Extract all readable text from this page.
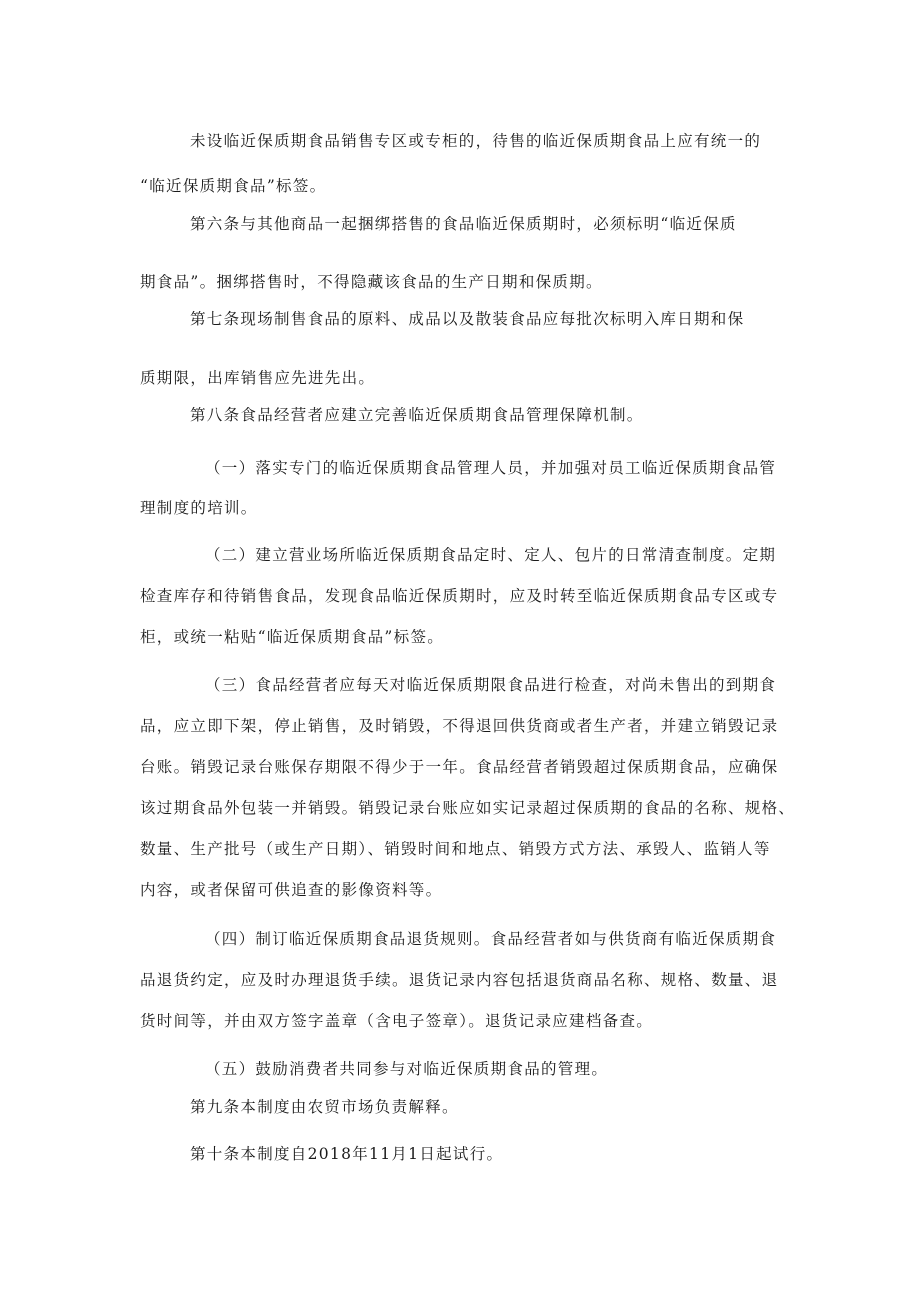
未设临近保质期食品销售专区或专柜的，待售的临近保质期食品上应有统一的
“临近保质期食品”标签。
第六条与其他商品一起捆绑搭售的食品临近保质期时，必须标明“临近保质
期食品”。捆绑搭售时，不得隐藏该食品的生产日期和保质期。
第七条现场制售食品的原料、成品以及散装食品应每批次标明入库日期和保
质期限，出库销售应先进先出。
第八条食品经营者应建立完善临近保质期食品管理保障机制。
（一）落实专门的临近保质期食品管理人员，并加强对员工临近保质期食品管
理制度的培训。
（二）建立营业场所临近保质期食品定时、定人、包片的日常清查制度。定期
检查库存和待销售食品，发现食品临近保质期时，应及时转至临近保质期食品专区或专
柜，或统一粘贴“临近保质期食品”标签。
（三）食品经营者应每天对临近保质期限食品进行检查，对尚未售出的到期食
品，应立即下架，停止销售，及时销毁，不得退回供货商或者生产者，并建立销毁记录
台账。销毁记录台账保存期限不得少于一年。食品经营者销毁超过保质期食品，应确保
该过期食品外包装一并销毁。销毁记录台账应如实记录超过保质期的食品的名称、规格、
数量、生产批号（或生产日期）、销毁时间和地点、销毁方式方法、承毁人、监销人等
内容，或者保留可供追查的影像资料等。
（四）制订临近保质期食品退货规则。食品经营者如与供货商有临近保质期食
品退货约定，应及时办理退货手续。退货记录内容包括退货商品名称、规格、数量、退
货时间等，并由双方签字盖章（含电子签章）。退货记录应建档备查。
（五）鼓励消费者共同参与对临近保质期食品的管理。
第九条本制度由农贸市场负责解释。
第十条本制度自2018年11月1日起试行。
